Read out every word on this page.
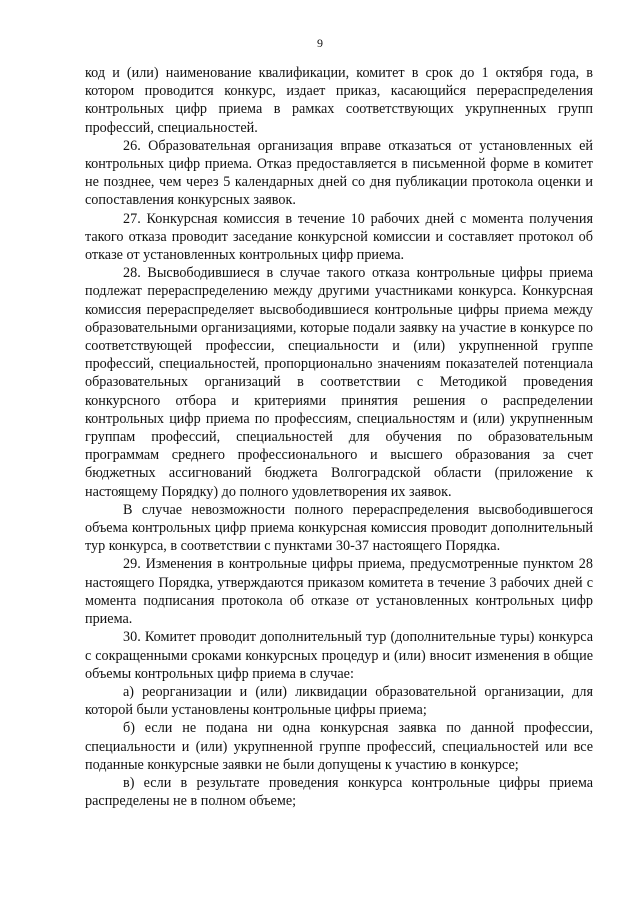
9

код и (или) наименование квалификации, комитет в срок до 1 октября года, в котором проводится конкурс, издает приказ, касающийся перераспределения контрольных цифр приема в рамках соответствующих укрупненных групп профессий, специальностей.

26. Образовательная организация вправе отказаться от установленных ей контрольных цифр приема. Отказ предоставляется в письменной форме в комитет не позднее, чем через 5 календарных дней со дня публикации протокола оценки и сопоставления конкурсных заявок.

27. Конкурсная комиссия в течение 10 рабочих дней с момента получения такого отказа проводит заседание конкурсной комиссии и составляет протокол об отказе от установленных контрольных цифр приема.

28. Высвободившиеся в случае такого отказа контрольные цифры приема подлежат перераспределению между другими участниками конкурса. Конкурсная комиссия перераспределяет высвободившиеся контрольные цифры приема между образовательными организациями, которые подали заявку на участие в конкурсе по соответствующей профессии, специальности и (или) укрупненной группе профессий, специальностей, пропорционально значениям показателей потенциала образовательных организаций в соответствии с Методикой проведения конкурсного отбора и критериями принятия решения о распределении контрольных цифр приема по профессиям, специальностям и (или) укрупненным группам профессий, специальностей для обучения по образовательным программам среднего профессионального и высшего образования за счет бюджетных ассигнований бюджета Волгоградской области (приложение к настоящему Порядку) до полного удовлетворения их заявок.

В случае невозможности полного перераспределения высвободившегося объема контрольных цифр приема конкурсная комиссия проводит дополнительный тур конкурса, в соответствии с пунктами 30-37 настоящего Порядка.

29. Изменения в контрольные цифры приема, предусмотренные пунктом 28 настоящего Порядка, утверждаются приказом комитета в течение 3 рабочих дней с момента подписания протокола об отказе от установленных контрольных цифр приема.

30. Комитет проводит дополнительный тур (дополнительные туры) конкурса с сокращенными сроками конкурсных процедур и (или) вносит изменения в общие объемы контрольных цифр приема в случае:

а) реорганизации и (или) ликвидации образовательной организации, для которой были установлены контрольные цифры приема;

б) если не подана ни одна конкурсная заявка по данной профессии, специальности и (или) укрупненной группе профессий, специальностей или все поданные конкурсные заявки не были допущены к участию в конкурсе;

в) если в результате проведения конкурса контрольные цифры приема распределены не в полном объеме;
